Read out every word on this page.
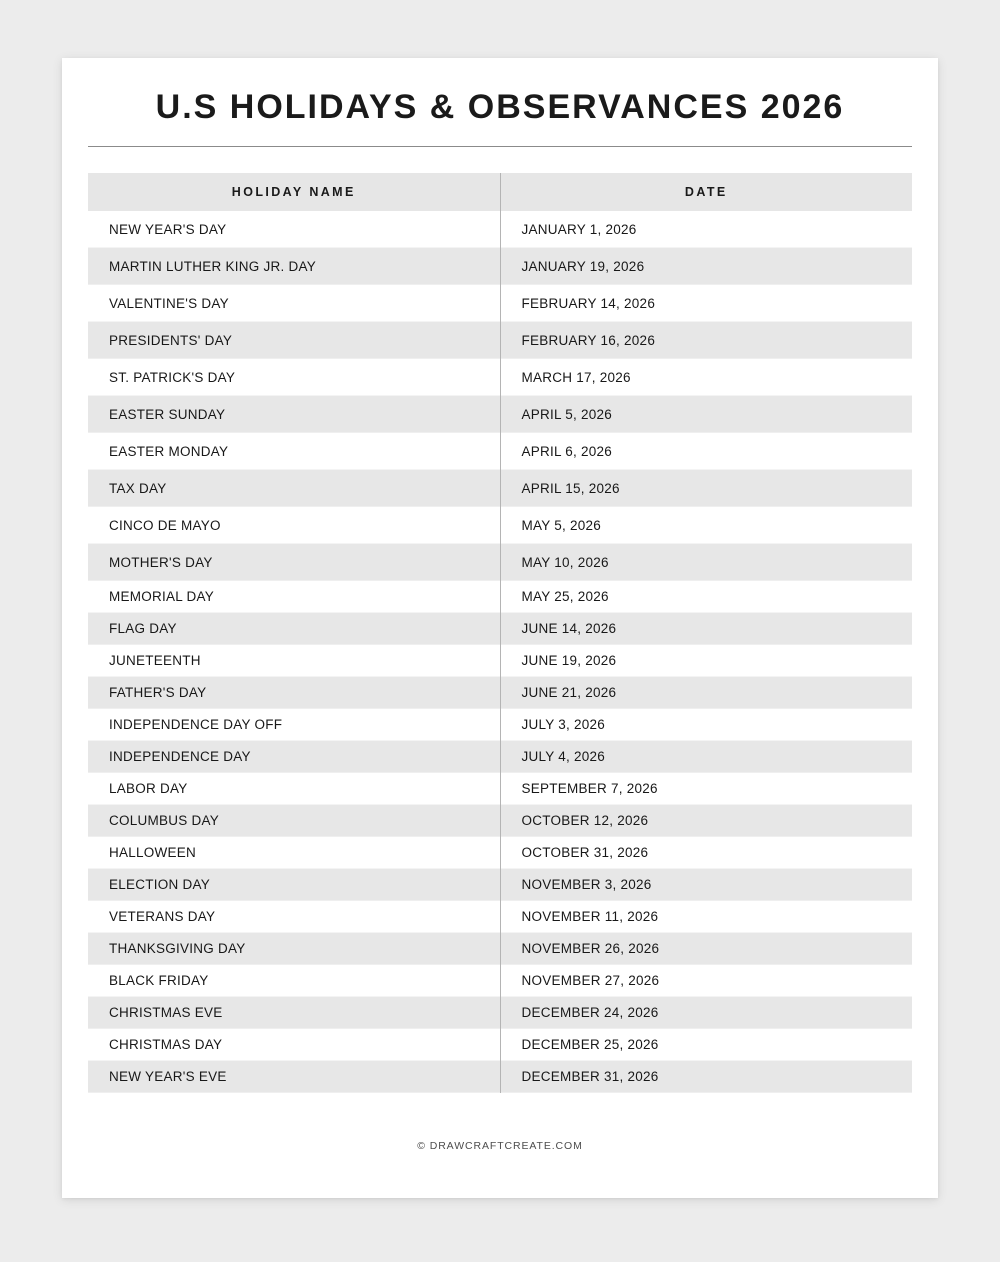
U.S HOLIDAYS & OBSERVANCES 2026
HOLIDAY NAME	DATE
NEW YEAR'S DAY	JANUARY 1, 2026
MARTIN LUTHER KING JR. DAY	JANUARY 19, 2026
VALENTINE'S DAY	FEBRUARY 14, 2026
PRESIDENTS' DAY	FEBRUARY 16, 2026
ST. PATRICK'S DAY	MARCH 17, 2026
EASTER SUNDAY	APRIL 5, 2026
EASTER MONDAY	APRIL 6, 2026
TAX DAY	APRIL 15, 2026
CINCO DE MAYO	MAY 5, 2026
MOTHER'S DAY	MAY 10, 2026
MEMORIAL DAY	MAY 25, 2026
FLAG DAY	JUNE 14, 2026
JUNETEENTH	JUNE 19, 2026
FATHER'S DAY	JUNE 21, 2026
INDEPENDENCE DAY OFF	JULY 3, 2026
INDEPENDENCE DAY	JULY 4, 2026
LABOR DAY	SEPTEMBER 7, 2026
COLUMBUS DAY	OCTOBER 12, 2026
HALLOWEEN	OCTOBER 31, 2026
ELECTION DAY	NOVEMBER 3, 2026
VETERANS DAY	NOVEMBER 11, 2026
THANKSGIVING DAY	NOVEMBER 26, 2026
BLACK FRIDAY	NOVEMBER 27, 2026
CHRISTMAS EVE	DECEMBER 24, 2026
CHRISTMAS DAY	DECEMBER 25, 2026
NEW YEAR'S EVE	DECEMBER 31, 2026
© DRAWCRAFTCREATE.COM
